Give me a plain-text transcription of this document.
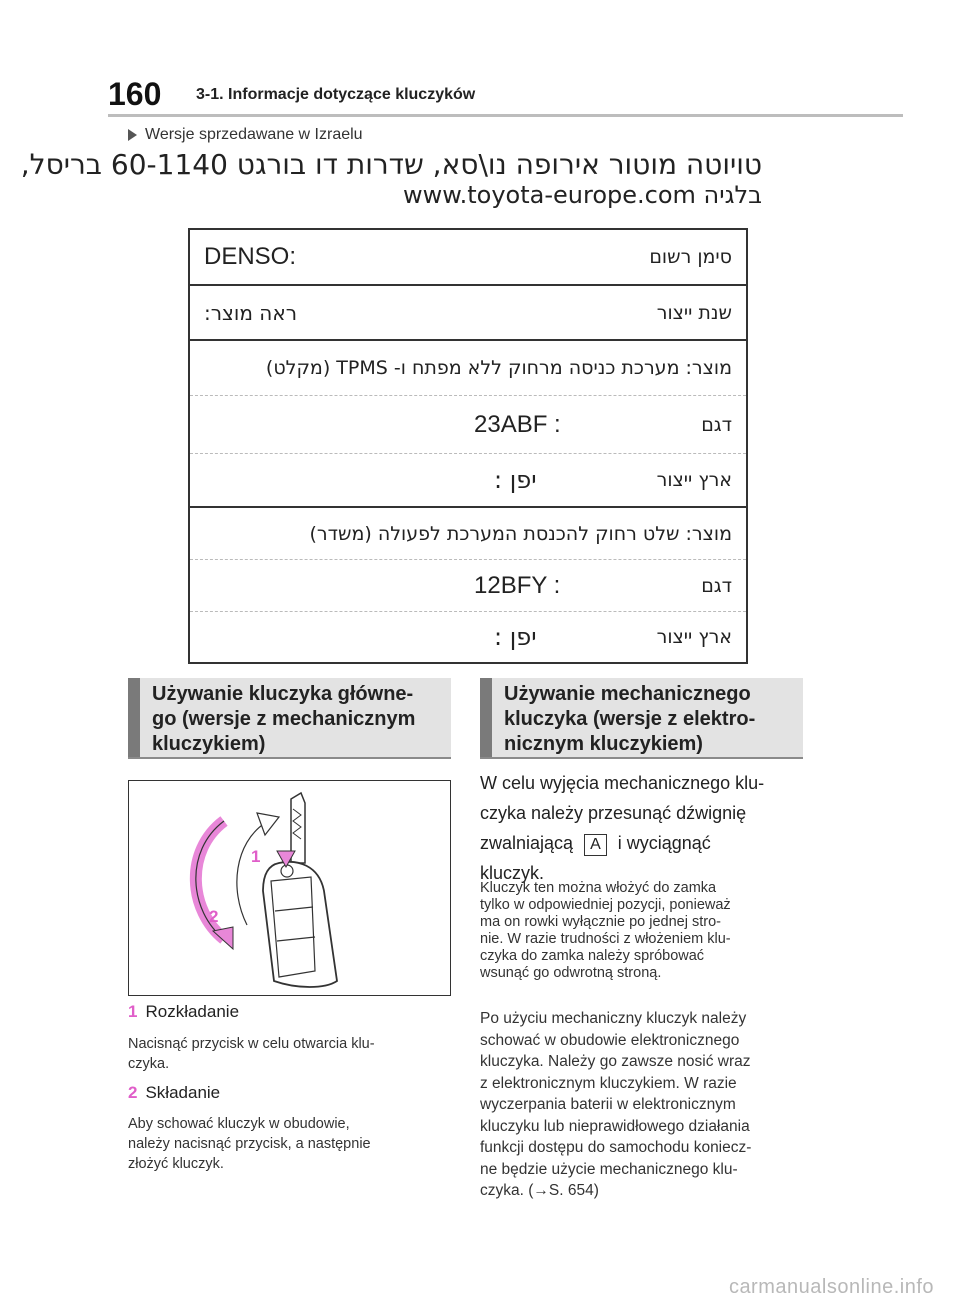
160 3-1. Informacje dotyczące kluczyków
Wersje sprzedawane w Izraelu
טויוטה מוטור אירופה נו\סא, שדרות דו בורגט 60-1140 בריסל,
בלגיה www.toyota-europe.com
DENSO:	סימן רשום
ראה מוצר:	שנת ייצור
מוצר: מערכת כניסה מרחוק ללא מפתח ו- TPMS (מקלט)
23ABF :	דגם
יפן :	ארץ ייצור
מוצר: שלט רחוק להכנסת המערכת לפעולה (משדר)
12BFY :	דגם
יפן :	ארץ ייצור
Używanie kluczyka główne-
go (wersje z mechanicznym
kluczykiem)
1
2
1 Rozkładanie
Nacisnąć przycisk w celu otwarcia klu-
czyka.
2 Składanie
Aby schować kluczyk w obudowie,
należy nacisnąć przycisk, a następnie
złożyć kluczyk.
Używanie mechanicznego
kluczyka (wersje z elektro-
nicznym kluczykiem)
W celu wyjęcia mechanicznego klu-
czyka należy przesunąć dźwignię
zwalniającą A i wyciągnąć
kluczyk.
Kluczyk ten można włożyć do zamka
tylko w odpowiedniej pozycji, ponieważ
ma on rowki wyłącznie po jednej stro-
nie. W razie trudności z włożeniem klu-
czyka do zamka należy spróbować
wsunąć go odwrotną stroną.
Po użyciu mechaniczny kluczyk należy
schować w obudowie elektronicznego
kluczyka. Należy go zawsze nosić wraz
z elektronicznym kluczykiem. W razie
wyczerpania baterii w elektronicznym
kluczyku lub nieprawidłowego działania
funkcji dostępu do samochodu koniecz-
ne będzie użycie mechanicznego klu-
czyka. (→S. 654)
carmanualsonline.info
